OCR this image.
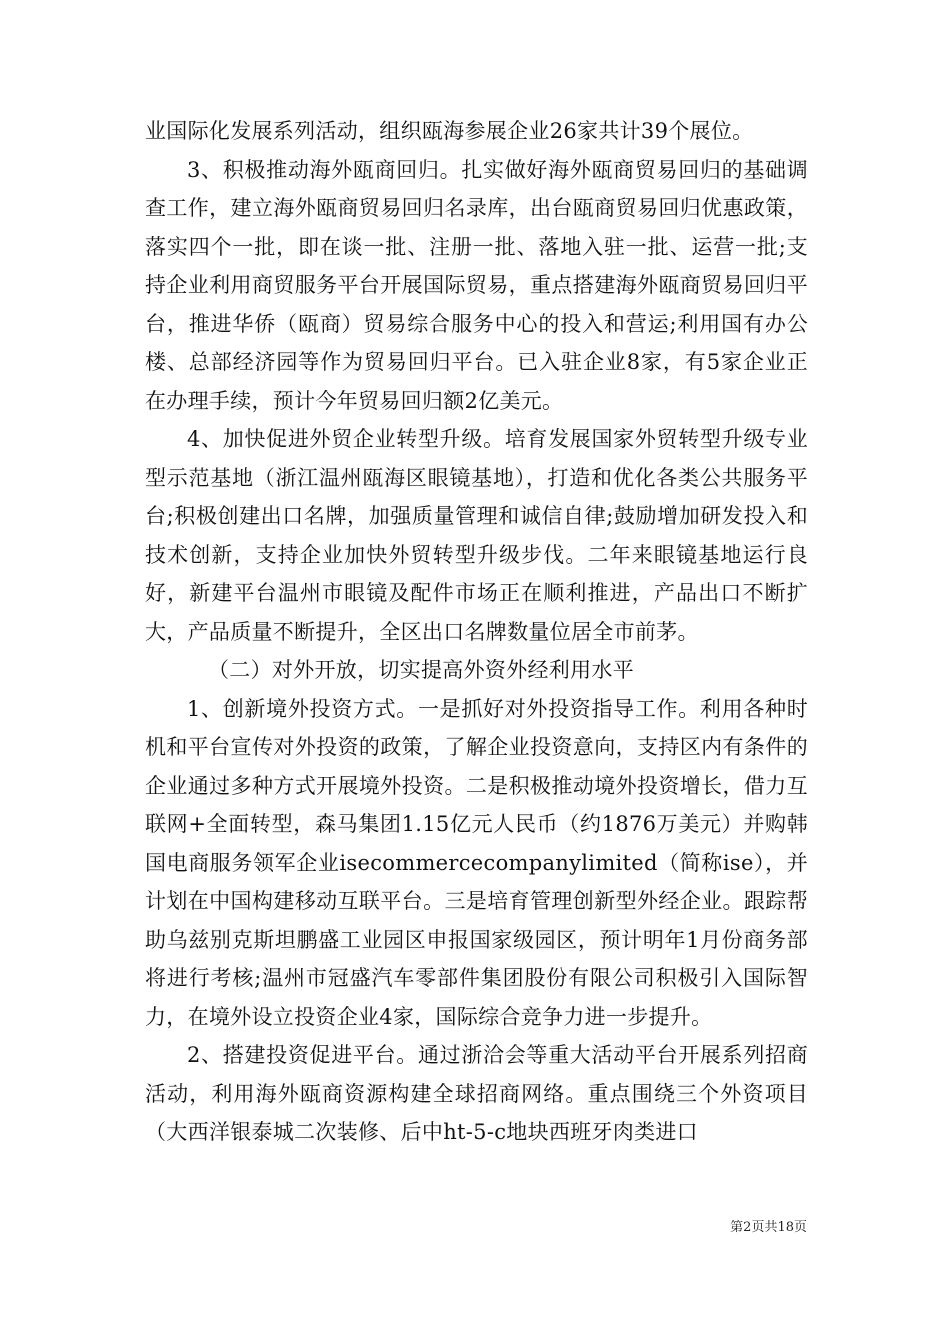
业国际化发展系列活动，组织瓯海参展企业26家共计39个展位。

3、积极推动海外瓯商回归。扎实做好海外瓯商贸易回归的基础调查工作，建立海外瓯商贸易回归名录库，出台瓯商贸易回归优惠政策，落实四个一批，即在谈一批、注册一批、落地入驻一批、运营一批;支持企业利用商贸服务平台开展国际贸易，重点搭建海外瓯商贸易回归平台，推进华侨（瓯商）贸易综合服务中心的投入和营运;利用国有办公楼、总部经济园等作为贸易回归平台。已入驻企业8家，有5家企业正在办理手续，预计今年贸易回归额2亿美元。

4、加快促进外贸企业转型升级。培育发展国家外贸转型升级专业型示范基地（浙江温州瓯海区眼镜基地），打造和优化各类公共服务平台;积极创建出口名牌，加强质量管理和诚信自律;鼓励增加研发投入和技术创新，支持企业加快外贸转型升级步伐。二年来眼镜基地运行良好，新建平台温州市眼镜及配件市场正在顺利推进，产品出口不断扩大，产品质量不断提升，全区出口名牌数量位居全市前茅。

（二）对外开放，切实提高外资外经利用水平

1、创新境外投资方式。一是抓好对外投资指导工作。利用各种时机和平台宣传对外投资的政策，了解企业投资意向，支持区内有条件的企业通过多种方式开展境外投资。二是积极推动境外投资增长，借力互联网+全面转型，森马集团1.15亿元人民币（约1876万美元）并购韩国电商服务领军企业isecommercecompanylimited（简称ise），并计划在中国构建移动互联平台。三是培育管理创新型外经企业。跟踪帮助乌兹别克斯坦鹏盛工业园区申报国家级园区，预计明年1月份商务部将进行考核;温州市冠盛汽车零部件集团股份有限公司积极引入国际智力，在境外设立投资企业4家，国际综合竞争力进一步提升。

2、搭建投资促进平台。通过浙洽会等重大活动平台开展系列招商活动，利用海外瓯商资源构建全球招商网络。重点围绕三个外资项目（大西洋银泰城二次装修、后中ht-5-c地块西班牙肉类进口

第2页共18页
